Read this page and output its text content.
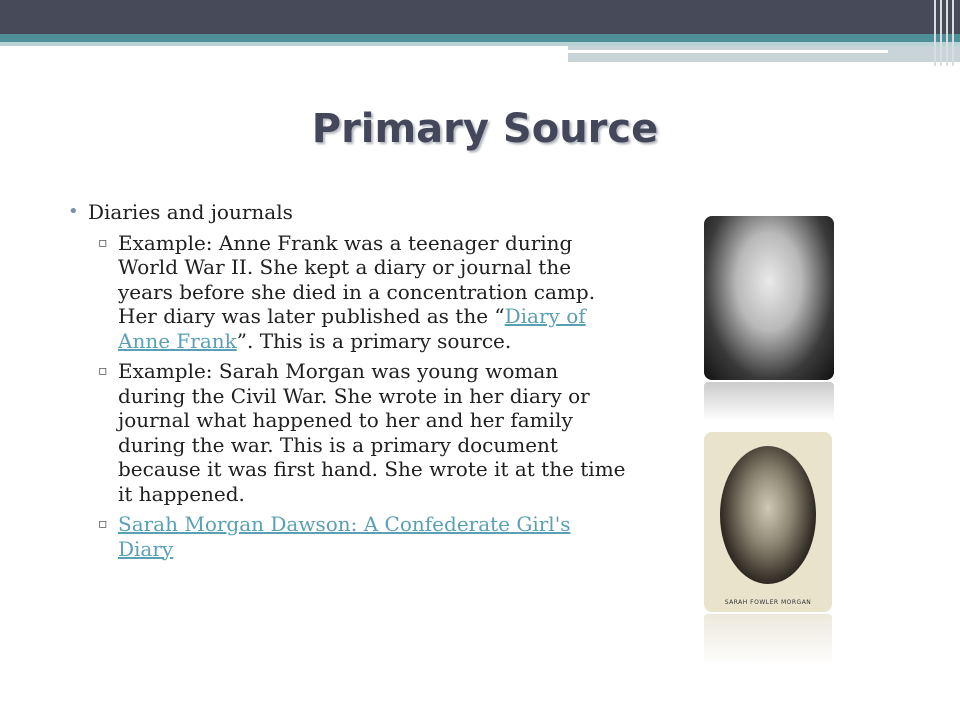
Primary Source
• Diaries and journals
▫ Example: Anne Frank was a teenager during World War II. She kept a diary or journal the years before she died in a concentration camp. Her diary was later published as the “Diary of Anne Frank”. This is a primary source.
▫ Example: Sarah Morgan was young woman during the Civil War. She wrote in her diary or journal what happened to her and her family during the war. This is a primary document because it was first hand. She wrote it at the time it happened.
▫ Sarah Morgan Dawson: A Confederate Girl's Diary
SARAH FOWLER MORGAN
